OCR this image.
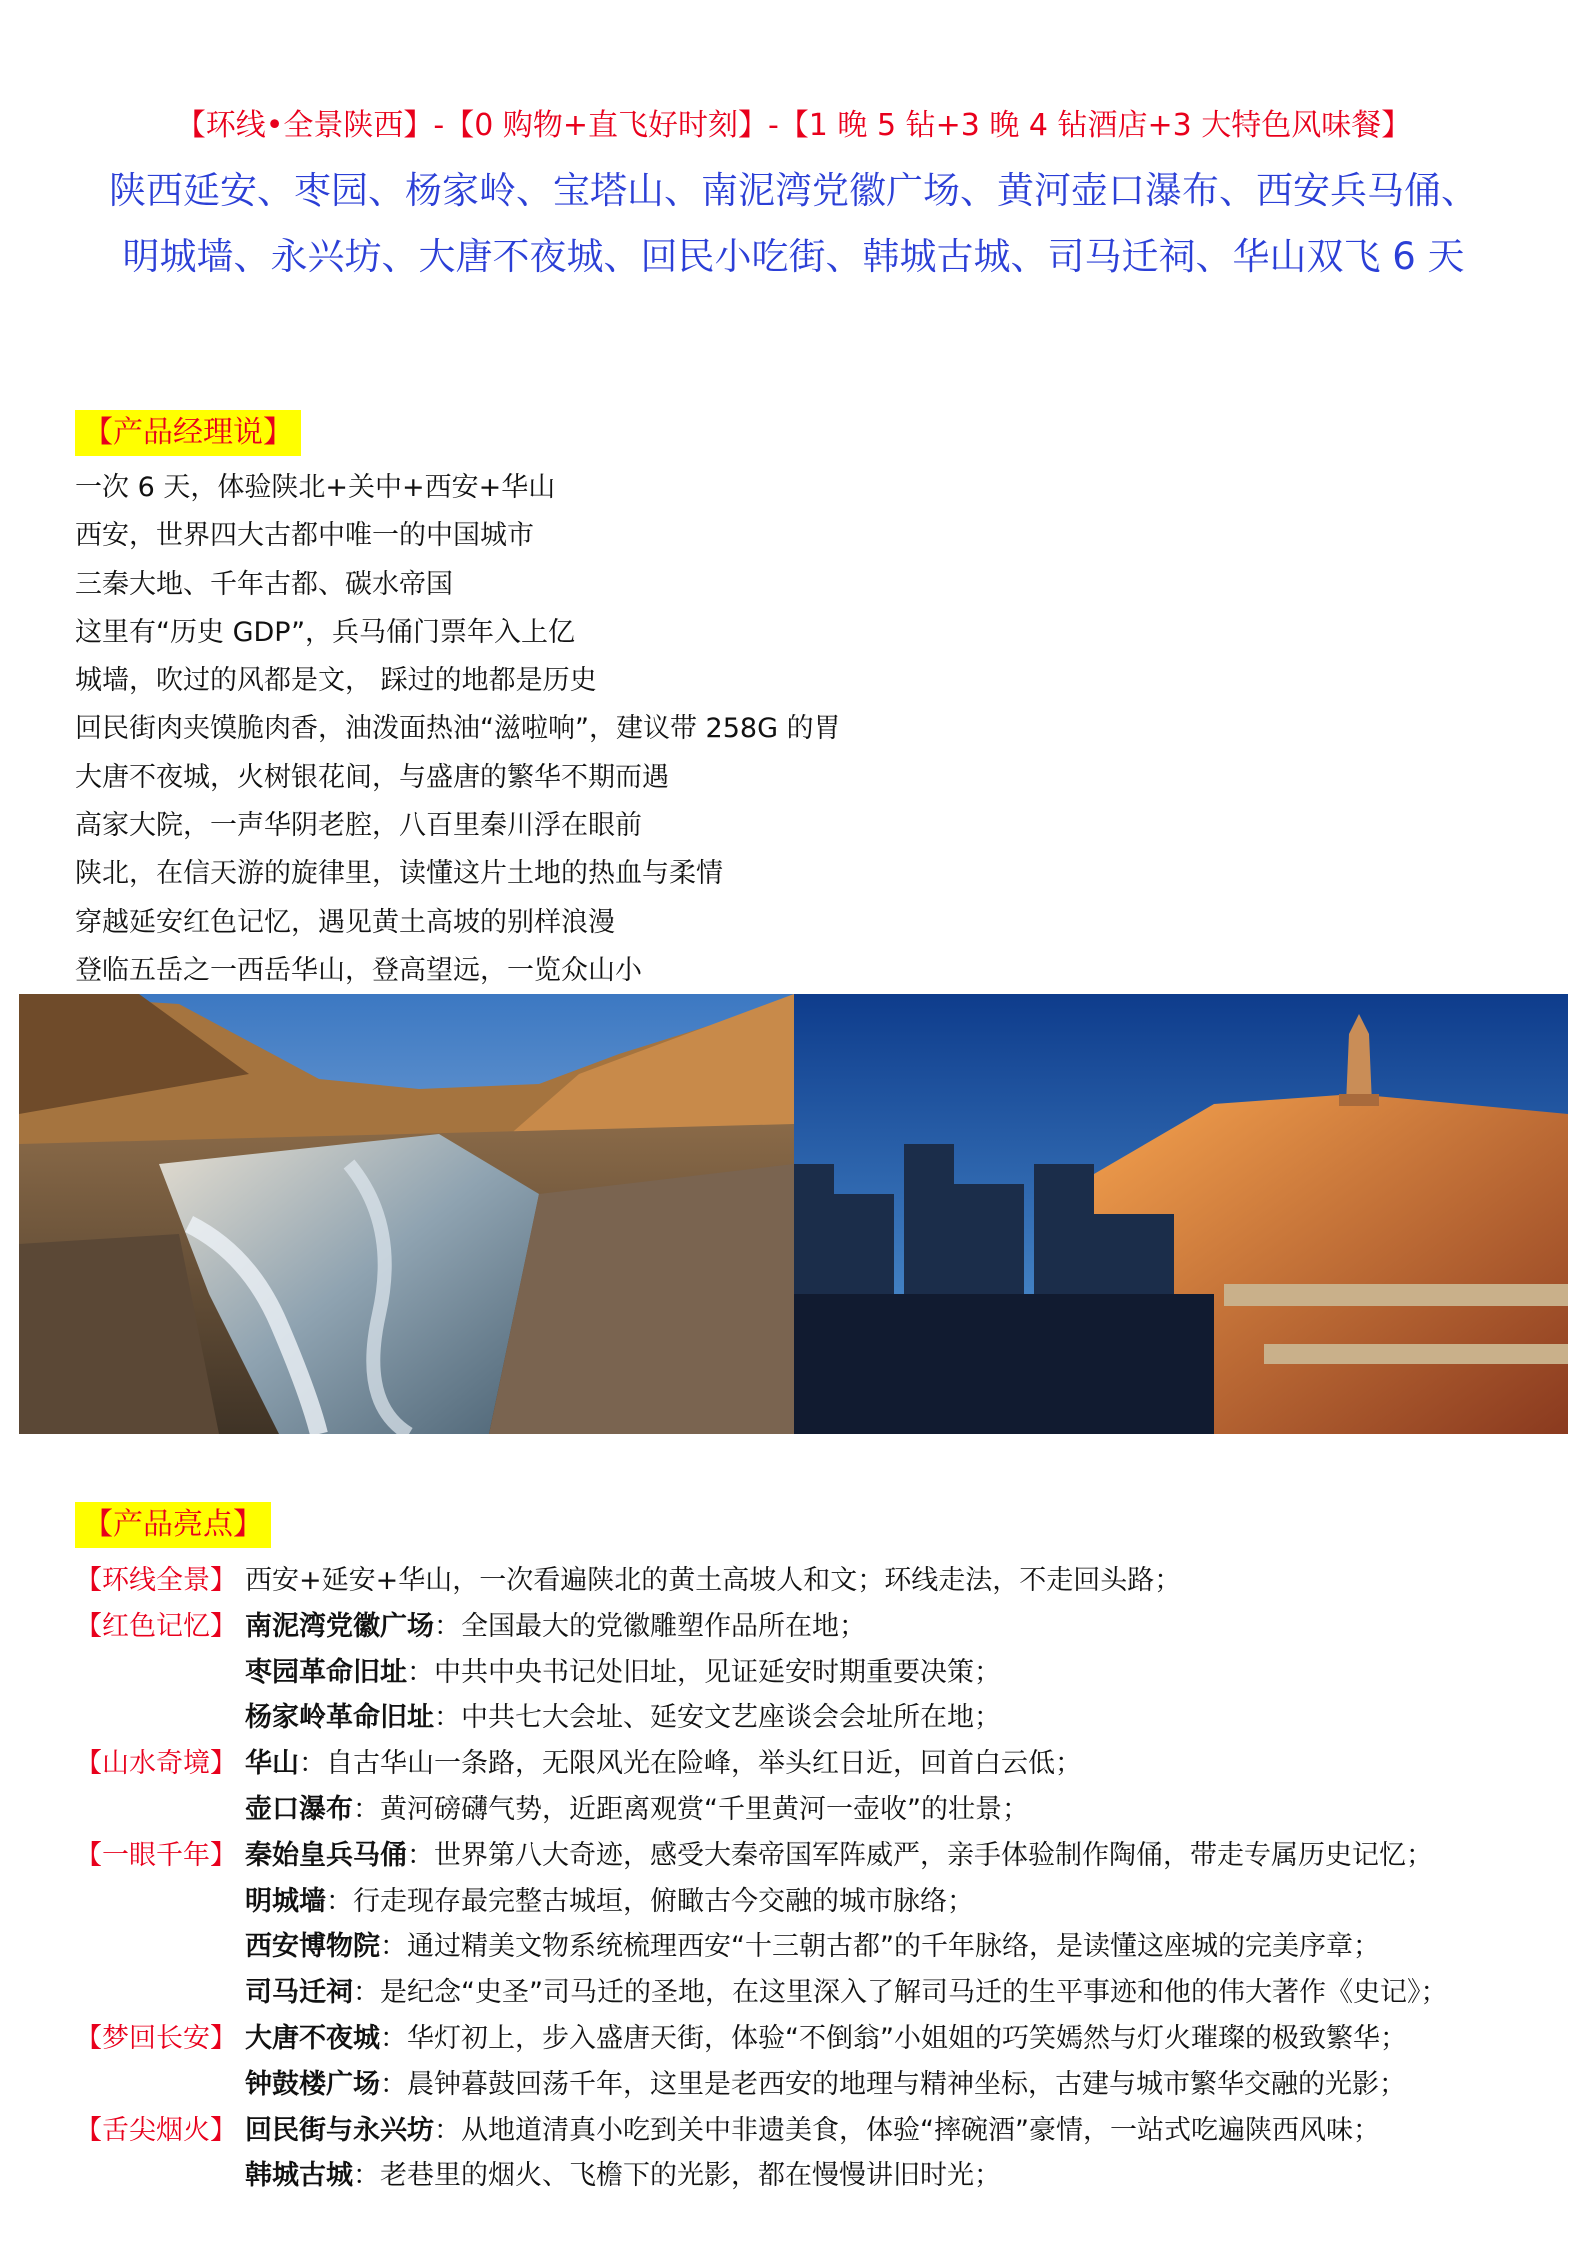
【环线•全景陕西】-【0 购物+直飞好时刻】-【1 晚 5 钻+3 晚 4 钻酒店+3 大特色风味餐】
陕西延安、枣园、杨家岭、宝塔山、南泥湾党徽广场、黄河壶口瀑布、西安兵马俑、
明城墙、永兴坊、大唐不夜城、回民小吃街、韩城古城、司马迁祠、华山双飞 6 天
【产品经理说】
一次 6 天，体验陕北+关中+西安+华山
西安，世界四大古都中唯一的中国城市
三秦大地、千年古都、碳水帝国
这里有“历史 GDP”，兵马俑门票年入上亿
城墙，吹过的风都是文， 踩过的地都是历史
回民街肉夹馍脆肉香，油泼面热油“滋啦响”，建议带 258G 的胃
大唐不夜城，火树银花间，与盛唐的繁华不期而遇
高家大院，一声华阴老腔，八百里秦川浮在眼前
陕北，在信天游的旋律里，读懂这片土地的热血与柔情
穿越延安红色记忆，遇见黄土高坡的别样浪漫
登临五岳之一西岳华山，登高望远，一览众山小
【产品亮点】
【环线全景】 西安+延安+华山，一次看遍陕北的黄土高坡人和文；环线走法，不走回头路；
【红色记忆】 南泥湾党徽广场：全国最大的党徽雕塑作品所在地；
枣园革命旧址：中共中央书记处旧址，见证延安时期重要决策；
杨家岭革命旧址：中共七大会址、延安文艺座谈会会址所在地；
【山水奇境】 华山：自古华山一条路，无限风光在险峰，举头红日近，回首白云低；
壶口瀑布：黄河磅礴气势，近距离观赏“千里黄河一壶收”的壮景；
【一眼千年】 秦始皇兵马俑：世界第八大奇迹，感受大秦帝国军阵威严，亲手体验制作陶俑，带走专属历史记忆；
明城墙：行走现存最完整古城垣，俯瞰古今交融的城市脉络；
西安博物院：通过精美文物系统梳理西安“十三朝古都”的千年脉络，是读懂这座城的完美序章；
司马迁祠：是纪念“史圣”司马迁的圣地，在这里深入了解司马迁的生平事迹和他的伟大著作《史记》；
【梦回长安】 大唐不夜城：华灯初上，步入盛唐天街，体验“不倒翁”小姐姐的巧笑嫣然与灯火璀璨的极致繁华；
钟鼓楼广场：晨钟暮鼓回荡千年，这里是老西安的地理与精神坐标，古建与城市繁华交融的光影；
【舌尖烟火】 回民街与永兴坊：从地道清真小吃到关中非遗美食，体验“摔碗酒”豪情，一站式吃遍陕西风味；
韩城古城：老巷里的烟火、飞檐下的光影，都在慢慢讲旧时光；
